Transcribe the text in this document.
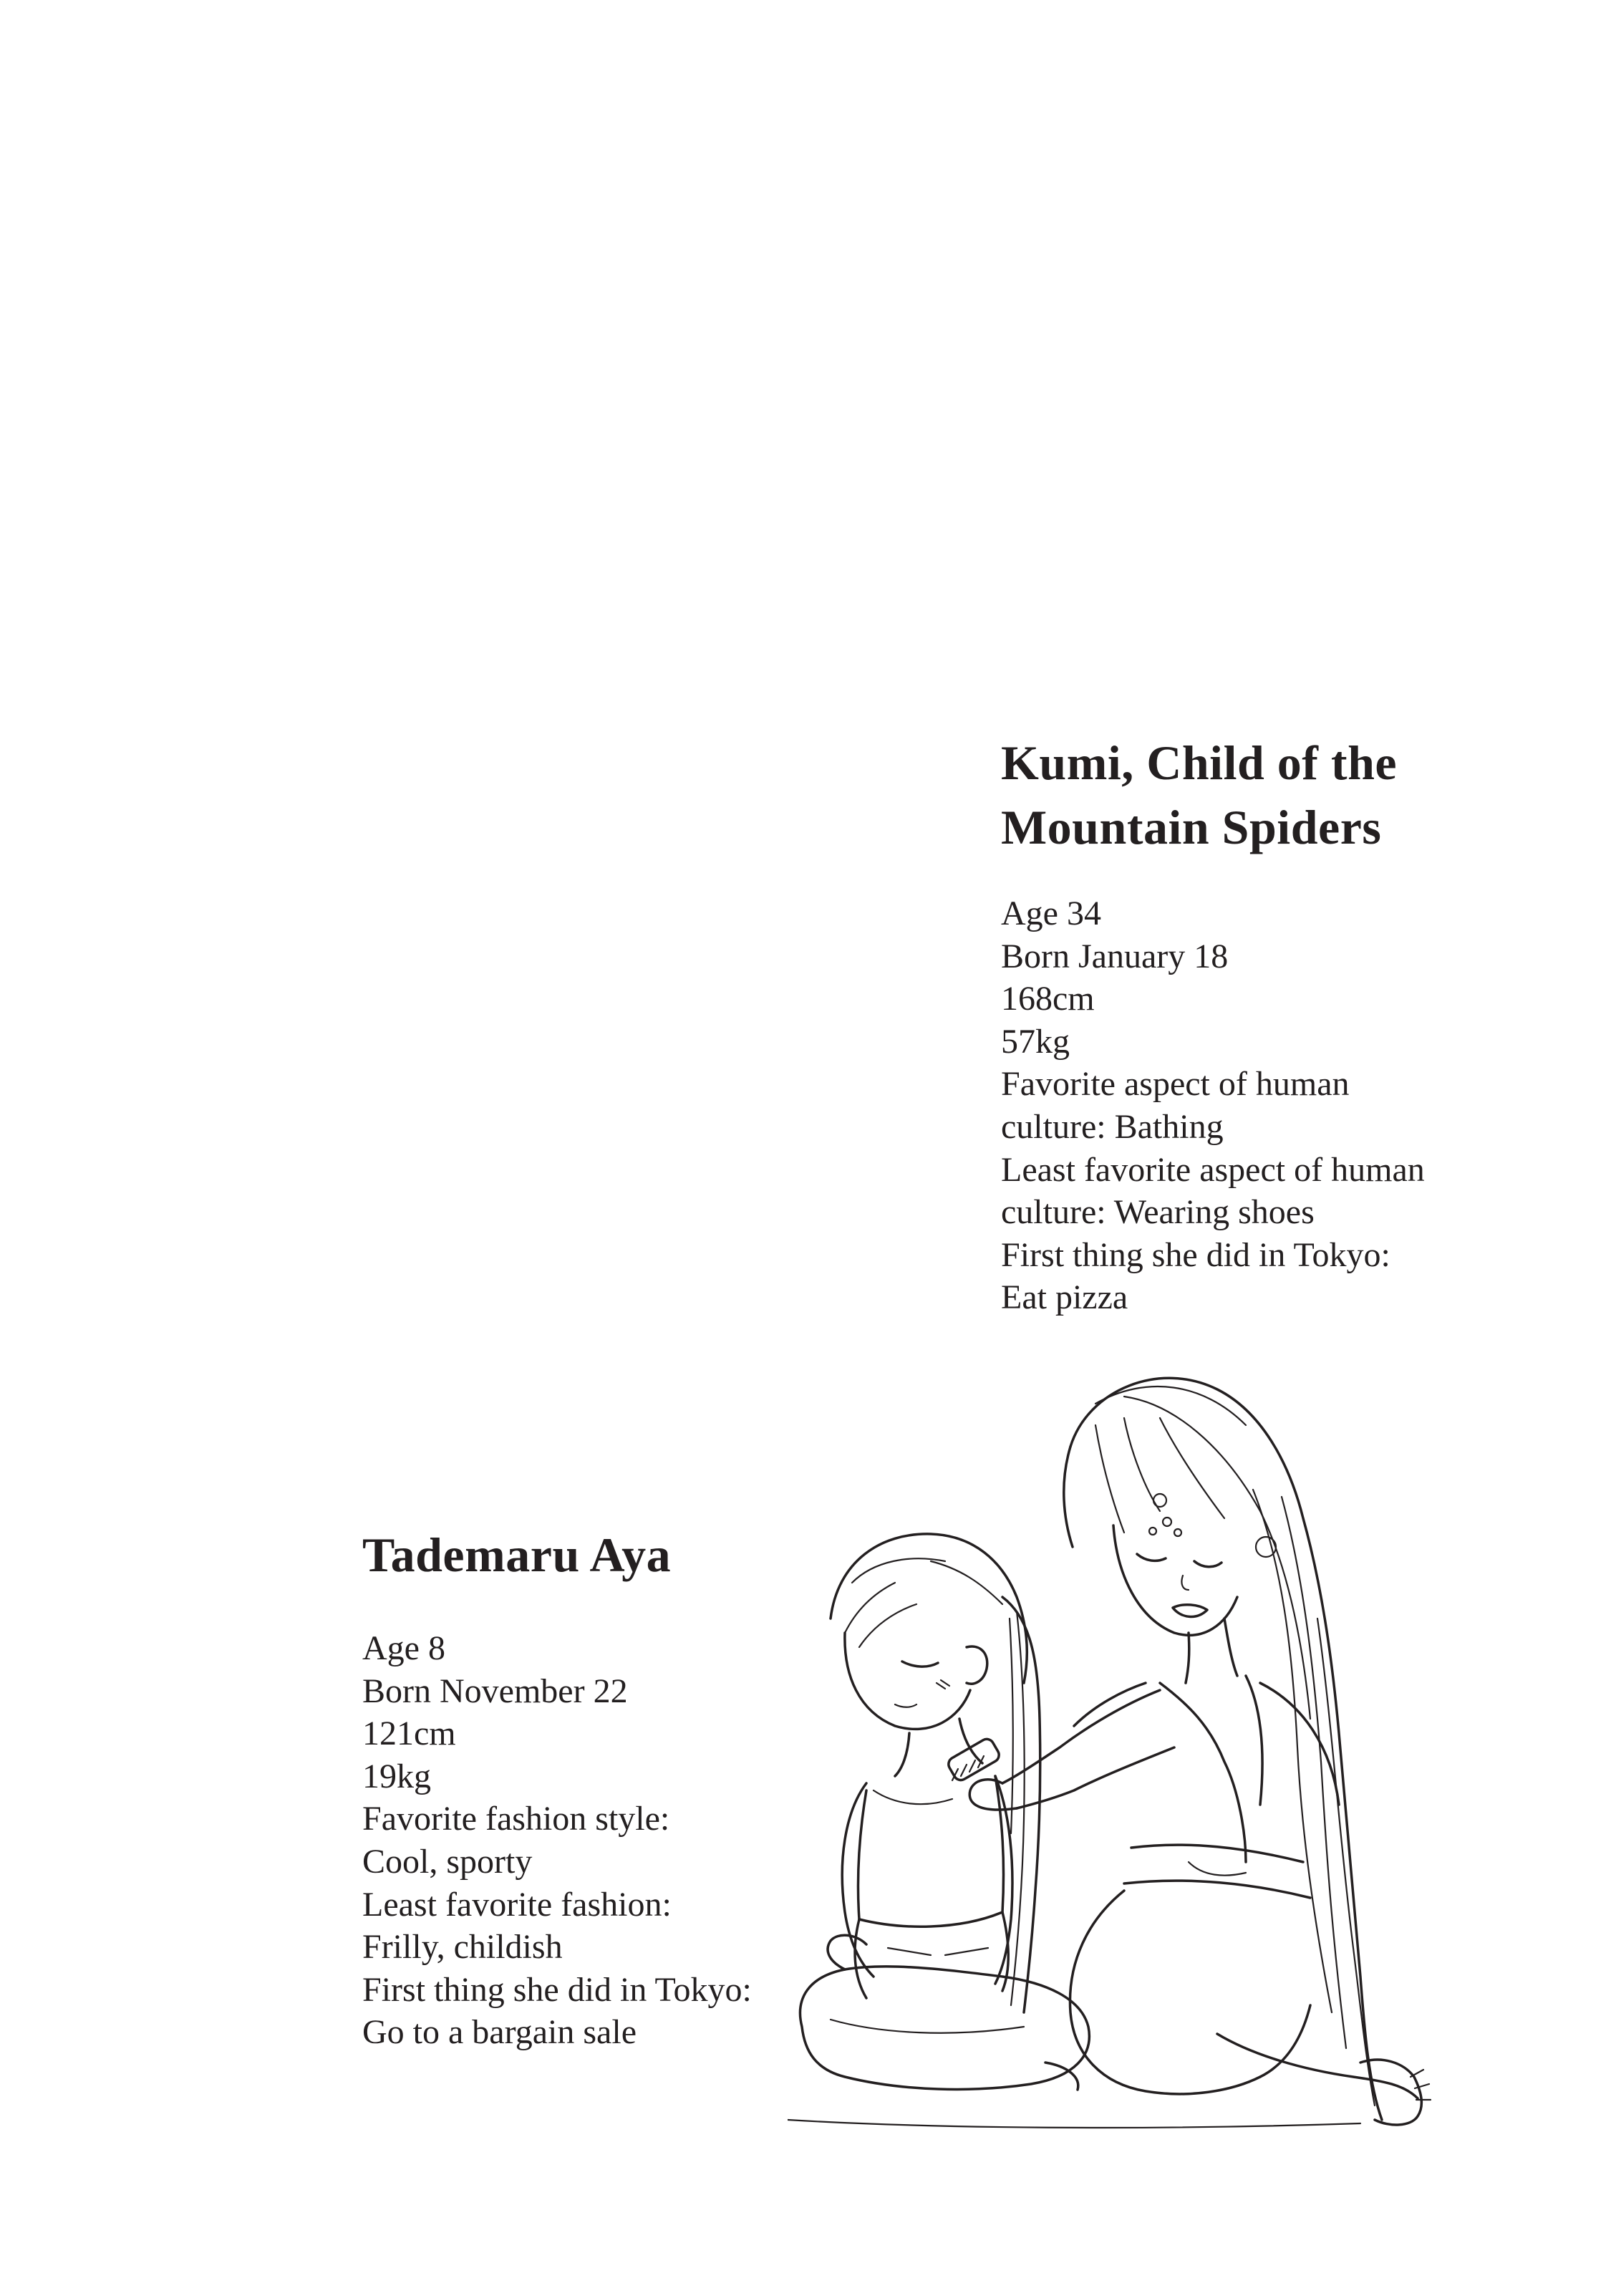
Kumi, Child of the
Mountain Spiders
Age 34
Born January 18
168cm
57kg
Favorite aspect of human
culture: Bathing
Least favorite aspect of human
culture: Wearing shoes
First thing she did in Tokyo:
Eat pizza
Tademaru Aya
Age 8
Born November 22
121cm
19kg
Favorite fashion style:
Cool, sporty
Least favorite fashion:
Frilly, childish
First thing she did in Tokyo:
Go to a bargain sale
